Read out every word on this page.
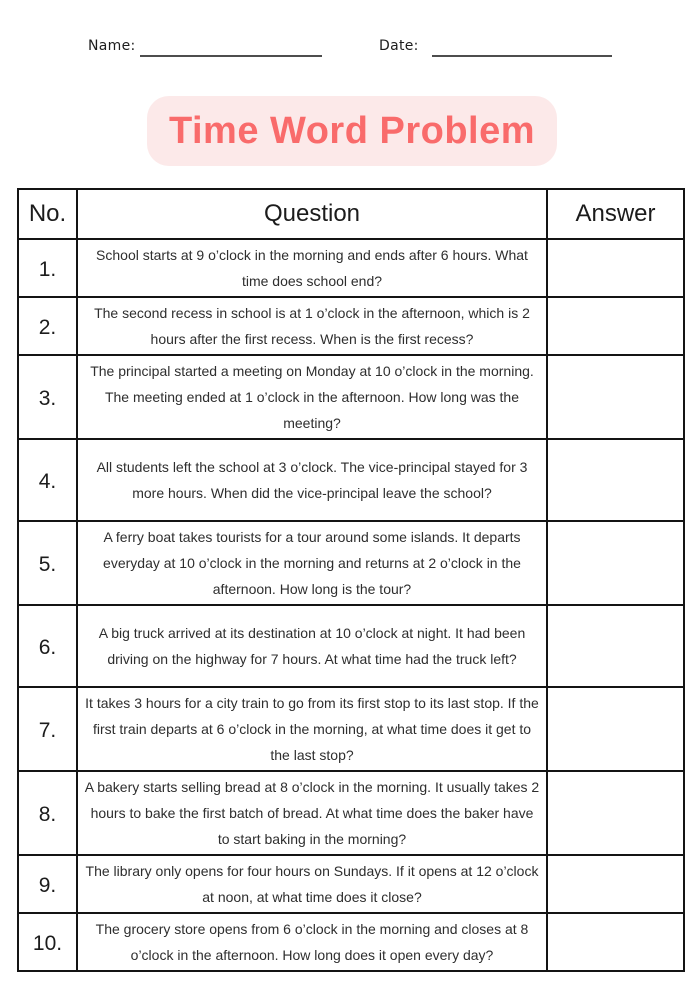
Name:	Date:
Time Word Problem
No.	Question	Answer
1.	School starts at 9 o’clock in the morning and ends after 6 hours. What time does school end?	
2.	The second recess in school is at 1 o’clock in the afternoon, which is 2 hours after the first recess. When is the first recess?	
3.	The principal started a meeting on Monday at 10 o’clock in the morning. The meeting ended at 1 o’clock in the afternoon. How long was the meeting?	
4.	All students left the school at 3 o’clock. The vice-principal stayed for 3 more hours. When did the vice-principal leave the school?	
5.	A ferry boat takes tourists for a tour around some islands. It departs everyday at 10 o’clock in the morning and returns at 2 o’clock in the afternoon. How long is the tour?	
6.	A big truck arrived at its destination at 10 o’clock at night. It had been driving on the highway for 7 hours. At what time had the truck left?	
7.	It takes 3 hours for a city train to go from its first stop to its last stop. If the first train departs at 6 o’clock in the morning, at what time does it get to the last stop?	
8.	A bakery starts selling bread at 8 o’clock in the morning. It usually takes 2 hours to bake the first batch of bread. At what time does the baker have to start baking in the morning?	
9.	The library only opens for four hours on Sundays. If it opens at 12 o’clock at noon, at what time does it close?	
10.	The grocery store opens from 6 o’clock in the morning and closes at 8 o’clock in the afternoon. How long does it open every day?	
